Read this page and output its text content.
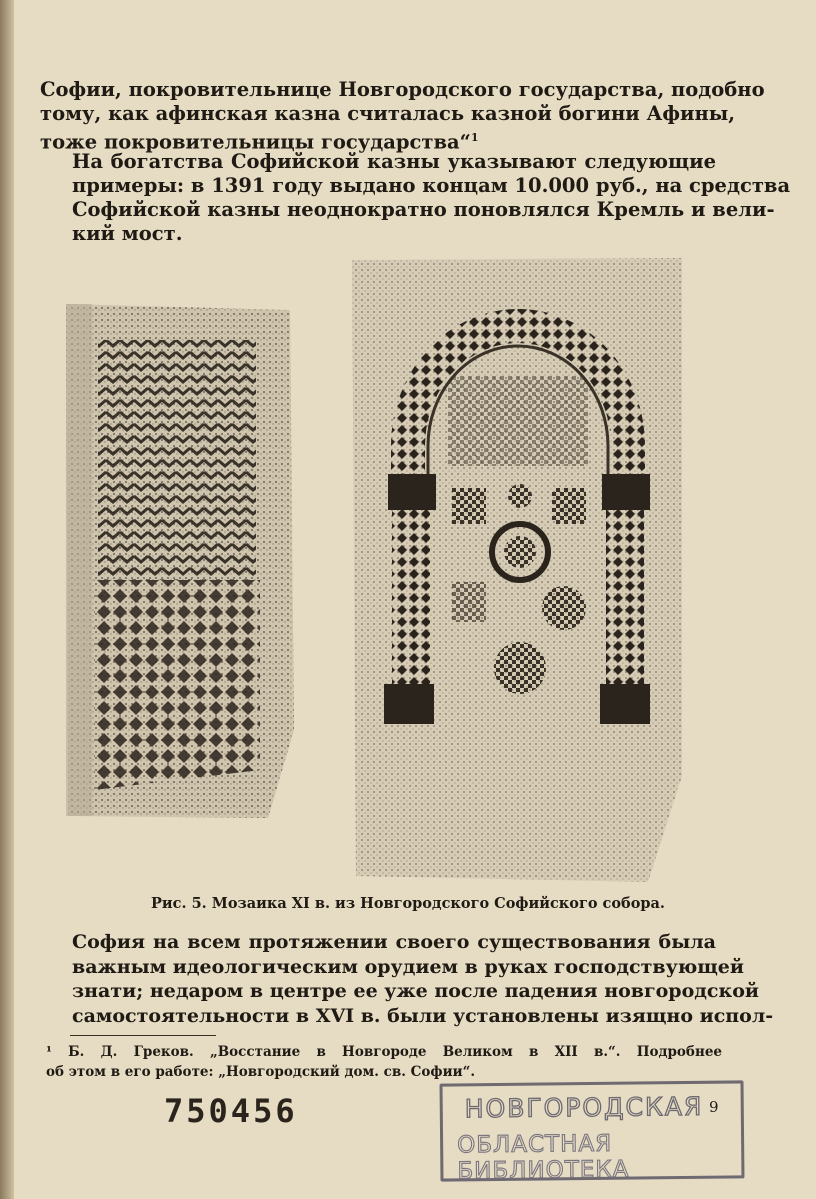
Софии, покровительнице Новгородского государства, подобно
тому, как афинская казна считалась казной богини Афины,
тоже покровительницы государства“$^1$

На богатства Софийской казны указывают следующие
примеры: в 1391 году выдано концам 10.000 руб., на средства
Софийской казны неоднократно поновлялся Кремль и вели-
кий мост.

Рис. 5. Мозаика XI в. из Новгородского Софийского собора.

София на всем протяжении своего существования была
важным идеологическим орудием в руках господствующей
знати; недаром в центре ее уже после падения новгородской
самостоятельности в XVI в. были установлены изящно испол-

¹ Б. Д. Греков. „Восстание в Новгороде Великом в XII в.“. Подробнее
об этом в его работе: „Новгородский дом. св. Софии“.

750456	НОВГОРОДСКАЯ
ОБЛАСТНАЯ БИБЛИОТЕКА
9
